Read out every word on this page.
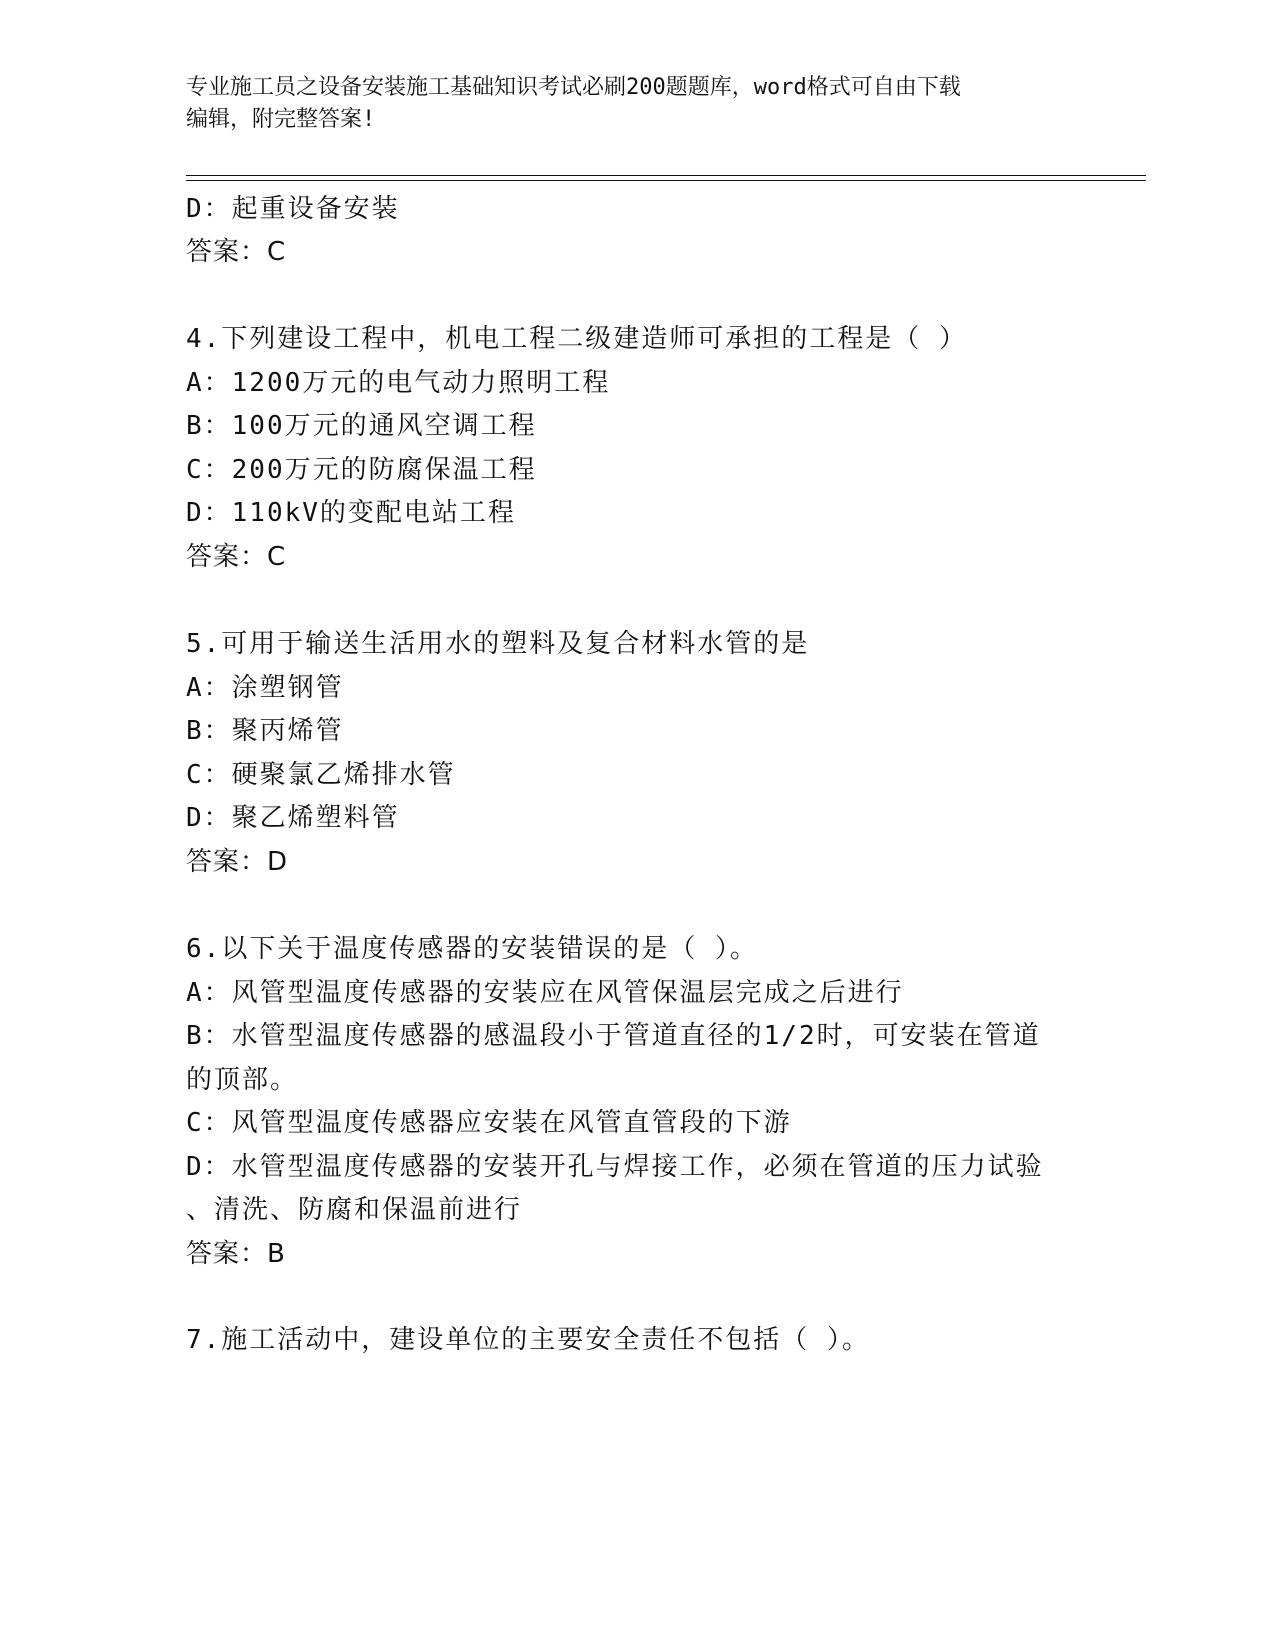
专业施工员之设备安装施工基础知识考试必刷200题题库，word格式可自由下载
编辑，附完整答案!
D：起重设备安装
答案：C
4.下列建设工程中，机电工程二级建造师可承担的工程是（ ）
A：1200万元的电气动力照明工程
B：100万元的通风空调工程
C：200万元的防腐保温工程
D：110kV的变配电站工程
答案：C
5.可用于输送生活用水的塑料及复合材料水管的是
A：涂塑钢管
B：聚丙烯管
C：硬聚氯乙烯排水管
D：聚乙烯塑料管
答案：D
6.以下关于温度传感器的安装错误的是（ ）。
A：风管型温度传感器的安装应在风管保温层完成之后进行
B：水管型温度传感器的感温段小于管道直径的1/2时，可安装在管道
的顶部。
C：风管型温度传感器应安装在风管直管段的下游
D：水管型温度传感器的安装开孔与焊接工作，必须在管道的压力试验
、清洗、防腐和保温前进行
答案：B
7.施工活动中，建设单位的主要安全责任不包括（ ）。
